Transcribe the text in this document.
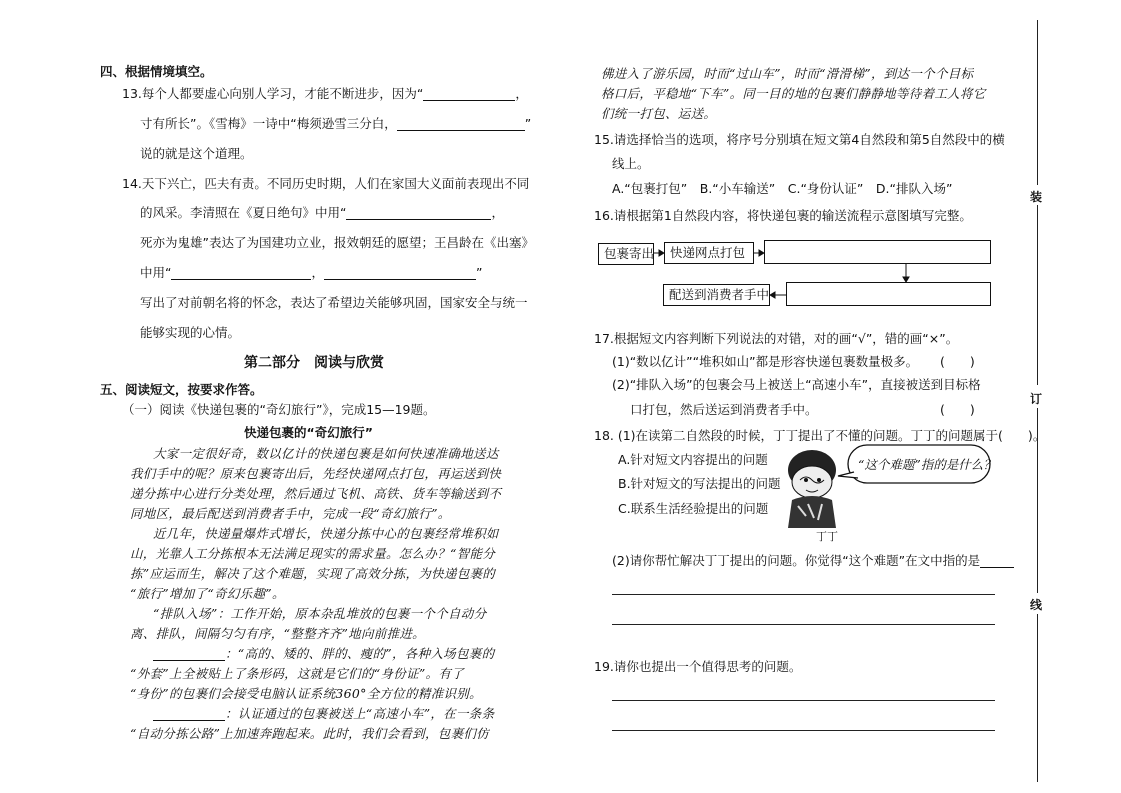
四、根据情境填空。
13.每个人都要虚心向别人学习，才能不断进步，因为“	，
寸有所长”。《雪梅》一诗中“梅须逊雪三分白，	”
说的就是这个道理。
14.天下兴亡，匹夫有责。不同历史时期，人们在家国大义面前表现出不同
的风采。李清照在《夏日绝句》中用“	，
死亦为鬼雄”表达了为国建功立业，报效朝廷的愿望；王昌龄在《出塞》
中用“	，	”
写出了对前朝名将的怀念，表达了希望边关能够巩固，国家安全与统一
能够实现的心情。
第二部分　阅读与欣赏
五、阅读短文，按要求作答。
（一）阅读《快递包裹的“奇幻旅行”》，完成15—19题。
快递包裹的“奇幻旅行”
大家一定很好奇，数以亿计的快递包裹是如何快速准确地送达
我们手中的呢？原来包裹寄出后，先经快递网点打包，再运送到快
递分拣中心进行分类处理，然后通过飞机、高铁、货车等输送到不
同地区，最后配送到消费者手中，完成一段“奇幻旅行”。
近几年，快递量爆炸式增长，快递分拣中心的包裹经常堆积如
山，光靠人工分拣根本无法满足现实的需求量。怎么办？“智能分
拣”应运而生，解决了这个难题，实现了高效分拣，为快递包裹的
“旅行”增加了“奇幻乐趣”。
“排队入场”：工作开始，原本杂乱堆放的包裹一个个自动分
离、排队，间隔匀匀有序，“整整齐齐”地向前推进。
：“高的、矮的、胖的、瘦的”，各种入场包裹的
“外套”上全被贴上了条形码，这就是它们的“身份证”。有了
“身份”的包裹们会接受电脑认证系统360°全方位的精准识别。
：认证通过的包裹被送上“高速小车”，在一条条
“自动分拣公路”上加速奔跑起来。此时，我们会看到，包裹们仿
佛进入了游乐园，时而“过山车”，时而“滑滑梯”，到达一个个目标
格口后，平稳地“下车”。同一目的地的包裹们静静地等待着工人将它
们统一打包、运送。
15.请选择恰当的选项，将序号分别填在短文第4自然段和第5自然段中的横
线上。
A.“包裹打包”　B.“小车输送”　C.“身份认证”　D.“排队入场”
16.请根据第1自然段内容，将快递包裹的输送流程示意图填写完整。
包裹寄出	快递网点打包
配送到消费者手中
17.根据短文内容判断下列说法的对错，对的画“√”，错的画“×”。
(1)“数以亿计”“堆积如山”都是形容快递包裹数量极多。 (　　)
(2)“排队入场”的包裹会马上被送上“高速小车”，直接被送到目标格
口打包，然后送运到消费者手中。	(　　)
18. (1)在读第二自然段的时候，丁丁提出了不懂的问题。丁丁的问题属于(　　)。
A.针对短文内容提出的问题
B.针对短文的写法提出的问题
C.联系生活经验提出的问题
“这个难题”指的是什么？
丁丁
(2)请你帮忙解决丁丁提出的问题。你觉得“这个难题”在文中指的是
19.请你也提出一个值得思考的问题。
装
订
线
